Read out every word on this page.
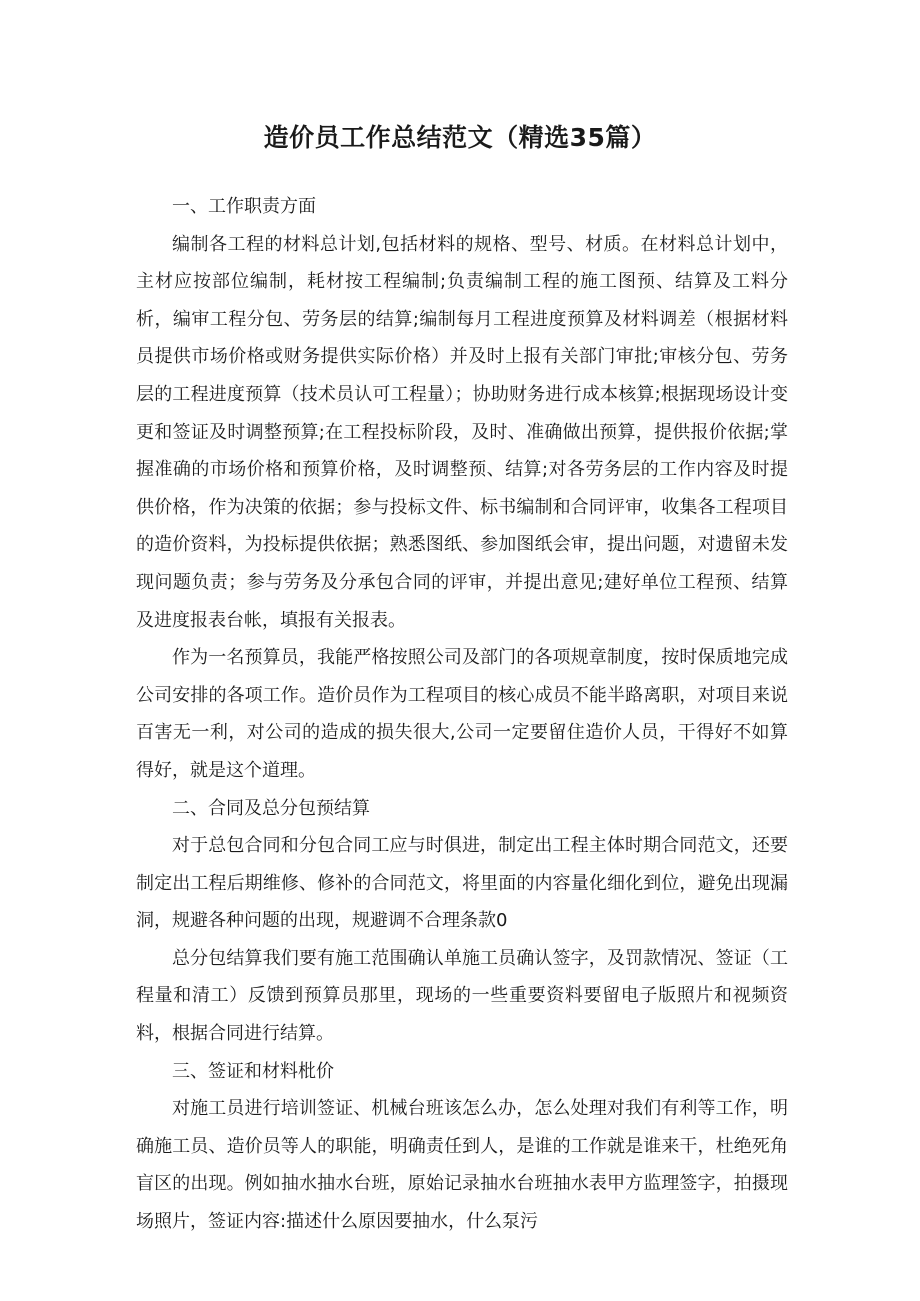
造价员工作总结范文（精选35篇）

一、工作职责方面

编制各工程的材料总计划,包括材料的规格、型号、材质。在材料总计划中，主材应按部位编制，耗材按工程编制;负责编制工程的施工图预、结算及工料分析，编审工程分包、劳务层的结算;编制每月工程进度预算及材料调差（根据材料员提供市场价格或财务提供实际价格）并及时上报有关部门审批;审核分包、劳务层的工程进度预算（技术员认可工程量）；协助财务进行成本核算;根据现场设计变更和签证及时调整预算;在工程投标阶段，及时、准确做出预算，提供报价依据;掌握准确的市场价格和预算价格，及时调整预、结算;对各劳务层的工作内容及时提供价格，作为决策的依据；参与投标文件、标书编制和合同评审，收集各工程项目的造价资料，为投标提供依据；熟悉图纸、参加图纸会审，提出问题，对遗留未发现问题负责；参与劳务及分承包合同的评审，并提出意见;建好单位工程预、结算及进度报表台帐，填报有关报表。

作为一名预算员，我能严格按照公司及部门的各项规章制度，按时保质地完成公司安排的各项工作。造价员作为工程项目的核心成员不能半路离职，对项目来说百害无一利，对公司的造成的损失很大,公司一定要留住造价人员，干得好不如算得好，就是这个道理。

二、合同及总分包预结算

对于总包合同和分包合同工应与时俱进，制定出工程主体时期合同范文，还要制定出工程后期维修、修补的合同范文，将里面的内容量化细化到位，避免出现漏洞，规避各种问题的出现，规避调不合理条款0

总分包结算我们要有施工范围确认单施工员确认签字，及罚款情况、签证（工程量和清工）反馈到预算员那里，现场的一些重要资料要留电子版照片和视频资料，根据合同进行结算。

三、签证和材料枇价

对施工员进行培训签证、机械台班该怎么办，怎么处理对我们有利等工作，明确施工员、造价员等人的职能，明确责任到人，是谁的工作就是谁来干，杜绝死角盲区的出现。例如抽水抽水台班，原始记录抽水台班抽水表甲方监理签字，拍摄现场照片，签证内容:描述什么原因要抽水，什么泵污
